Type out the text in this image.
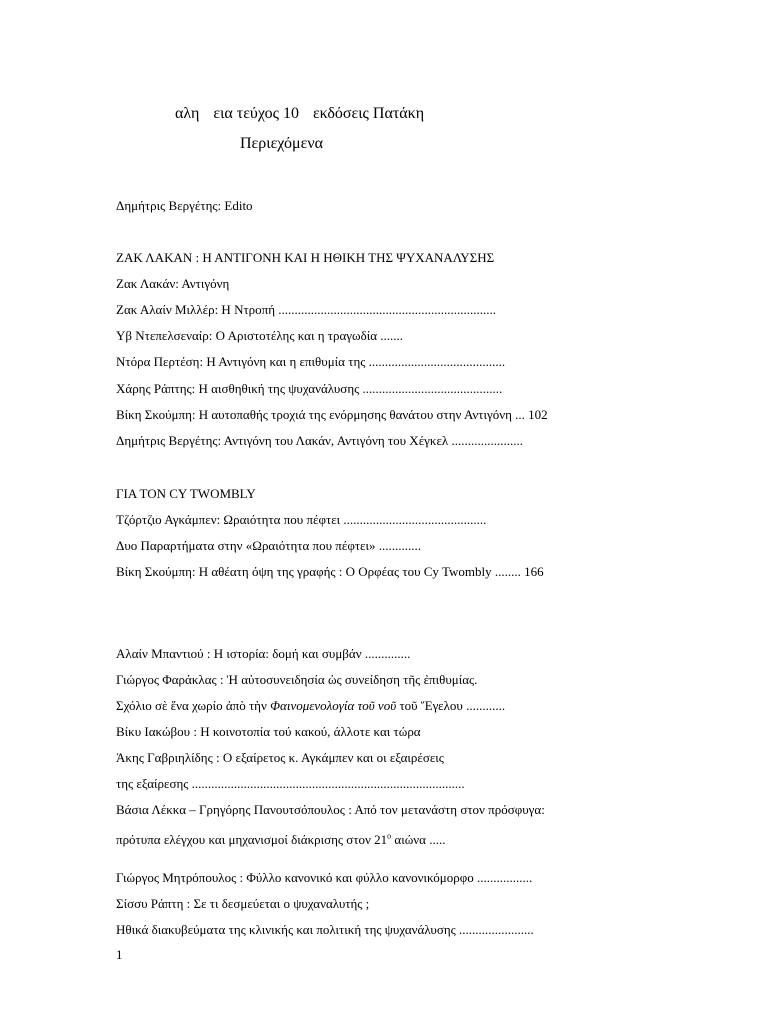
αλη εια τεύχος 10 εκδόσεις Πατάκη
Περιεχόμενα
Δημήτρις Βεργέτης: Edito
ΖΑΚ ΛΑΚΑΝ : Η ΑΝΤΙΓΟΝΗ ΚΑΙ Η ΗΘΙΚΗ ΤΗΣ ΨΥΧΑΝΑΛΥΣΗΣ
Ζακ Λακάν: Αντιγόνη
Ζακ Αλαίν Μιλλέρ: Η Ντροπή ...................................................................
Υβ Ντεπελσεναίρ: Ο Αριστοτέλης και η τραγωδία .......
Ντόρα Περτέση: Η Αντιγόνη και η επιθυμία της ..........................................
Χάρης Ράπτης: Η αισθηθική της ψυχανάλυσης ...........................................
Βίκη Σκούμπη: Η αυτοπαθής τροχιά της ενόρμησης θανάτου στην Αντιγόνη ... 102
Δημήτρις Βεργέτης: Αντιγόνη του Λακάν, Αντιγόνη του Χέγκελ ......................
ΓΙΑ ΤΟΝ CY TWOMBLY
Τζόρτζιο Αγκάμπεν: Ωραιότητα που πέφτει ............................................
Δυο Παραρτήματα στην «Ωραιότητα που πέφτει» .............
Βίκη Σκούμπη: Η αθέατη όψη της γραφής : Ο Ορφέας του Cy Twombly ........ 166
Αλαίν Μπαντιού : Η ιστορία: δομή και συμβάν ..............
Γιώργος Φαράκλας : Ἡ αὐτοσυνειδησία ὡς συνείδηση τῆς ἐπιθυμίας.
Σχόλιο σὲ ἕνα χωρίο ἀπὸ τὴν Φαινομενολογία τοῦ νοῦ τοῦ Ἕγελου ............
Βίκυ Ιακώβου : Η κοινοτοπία τού κακού, άλλοτε και τώρα
Άκης Γαβριηλίδης : Ο εξαίρετος κ. Αγκάμπεν και οι εξαιρέσεις
της εξαίρεσης ....................................................................................
Βάσια Λέκκα – Γρηγόρης Πανουτσόπουλος : Από τον μετανάστη στον πρόσφυγα:
πρότυπα ελέγχου και μηχανισμοί διάκρισης στον $21^o$ αιώνα .....
Γιώργος Μητρόπουλος : Φύλλο κανονικό και φύλλο κανονικόμορφο .................
Σίσσυ Ράπτη : Σε τι δεσμεύεται ο ψυχαναλυτής ;
Ηθικά διακυβεύματα της κλινικής και πολιτική της ψυχανάλυσης .......................
1
